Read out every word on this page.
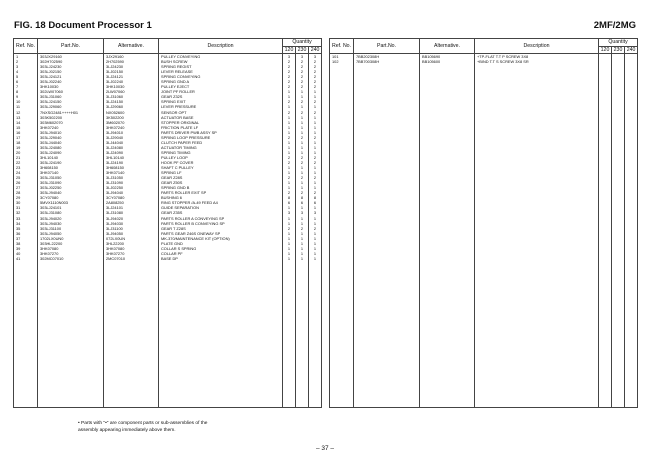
FIG. 18 Document Processor 1	2MF/2MG
Ref. No.	Part.No.	Alternative.	Description	Quantity		
				120	230	240
1	303JX29160	3JX29160	PULLEY CONVEYING	3	3	3
2	302H702590	2H702590	BUSH SCREW	2	2	2
3	303LJ24230	3LJ24230	SPRING REGIST	2	2	2
4	303LJ02150	3LJ02150	LEVER RELEASE	2	2	2
5	303LJ24121	3LJ24121	SPRING CONVEYING	2	2	2
6	303LJ02240	3LJ02240	SPRING GND A	2	2	2
7	3HK10030	3HK10030	PULLEY EJECT	2	2	2
8	302LW07060	2LW07060	JOINT PF ROLLER	1	1	1
9	303LJ31060	3LJ31060	GEAR Z32S	1	1	1
10	303LJ24150	3LJ24150	SPRING EXIT	2	2	2
11	303LJ29060	3LJ29060	LEVER PRESSURE	1	1	1
12	7NXSG2481++++H01	NX052600	SENSOR OPT	2	2	2
13	303K502200	3K502200	ACTUATOR BASE	1	1	1
14	303M602070	3M602070	STOPPER ORIGINAL	1	1	1
15	3HK07240	3HK07240	FRICTION PLATE LF	1	1	1
16	303LJ94010	3LJ94010	PARTS DRIVER PWB ASSY SP	1	1	1
17	303LJ29040	3LJ29040	SPRING LOOP PRESSURE	2	2	2
18	303LJ44040	3LJ44040	CLUTCH PAPER FEED	1	1	1
19	303LJ24080	3LJ24080	ACTUATOR TIMING	1	1	1
20	303LJ24090	3LJ24090	SPRING TIMING	1	1	1
21	3HL10140	3HL10140	PULLEY LOOP	2	2	2
22	303LJ24190	3LJ24190	HOOK PF COVER	2	2	2
23	3H608150	3H608150	SHAFT C PULLEY	1	1	1
24	3HK07140	3HK07140	SPRING LF	1	1	1
25	303LJ31050	3LJ31050	GEAR Z28S	2	2	2
26	303LJ31090	3LJ31090	GEAR Z50S	1	1	1
27	303LJ02250	3LJ02250	SPRING GND B	1	1	1
28	303LJ94040	3LJ94040	PARTS ROLLER EXIT SP	2	2	2
29	3CY07080	3CY07080	BUSHING 6	8	8	8
30	5MVX1110N003	2A808250	RING STOPPER /A-49 FEED A4	6	6	6
31	303LJ24101	3LJ24101	GUIDE SEPARATION	1	1	1
32	303LJ31080	3LJ31080	GEAR Z35S	3	3	3
33	303LJ94020	3LJ94020	PARTS ROLLER A CONVEYING SP	1	1	1
34	303LJ94030	3LJ94030	PARTS ROLLER B CONVEYING SP	1	1	1
35	303LJ31100	3LJ31100	GEAR T Z28S	2	2	2
36	303LJ94050	3LJ94050	PARTS GEAR Z46S ONEWAY SP	1	1	1
37	1702LX0UN0	072LX0UN	MK-370/MAINTENANCE KIT (OPTION)	1	1	1
38	303HL22200	3HL22200	PLATE GND	1	1	1
39	3HK07080	3HK07080	COLLAR S SPRING	1	1	1
40	3HK07270	3HK07270	COLLAR PF	1	1	1
41	302MC07010	2MC07010	BASE DP	1	1	1

Ref. No.	Part.No.	Alternative.	Description	Quantity		
				120	230	240
101	7BB202308H	BB105690	+TP-FLAT T.T P SCREW 3X8			
102	7BB700308H	BB105600	+BIND T.T S SCREW 3X8 SR			

• Parts with "•" are component parts or sub-assemblies of the
assembly appearing immediately above them.
– 37 –
